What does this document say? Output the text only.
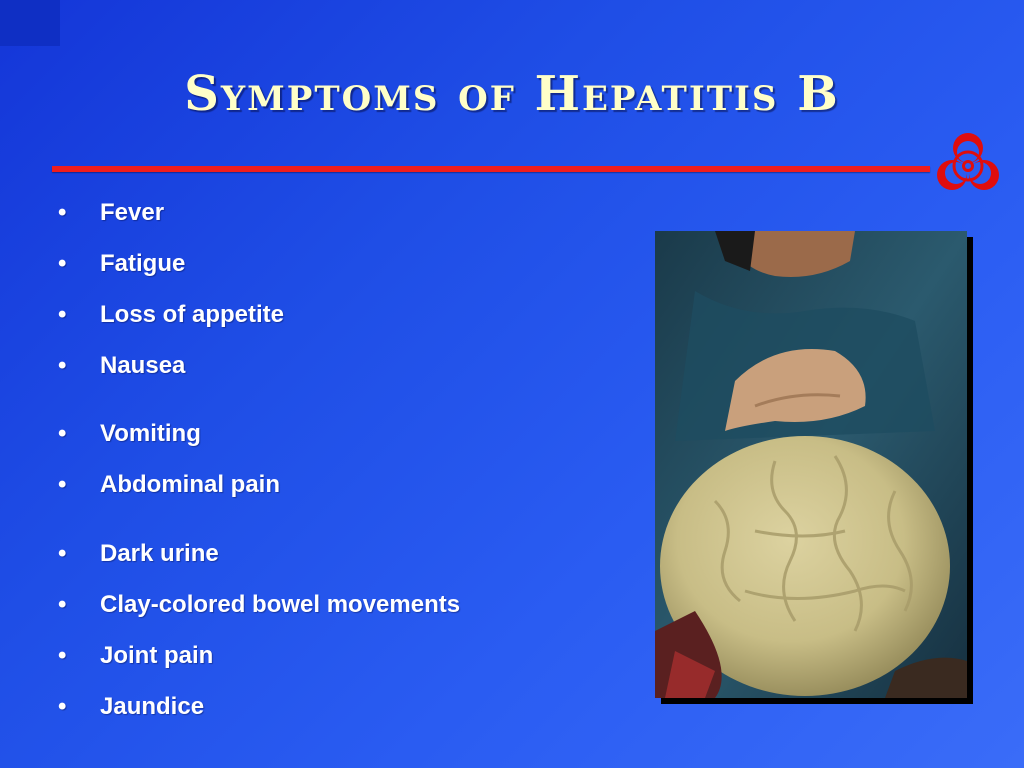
Symptoms of Hepatitis B
•	Fever
•	Fatigue
•	Loss of appetite
•	Nausea
•	Vomiting
•	Abdominal pain
•	Dark urine
•	Clay-colored bowel movements
•	Joint pain
•	Jaundice
